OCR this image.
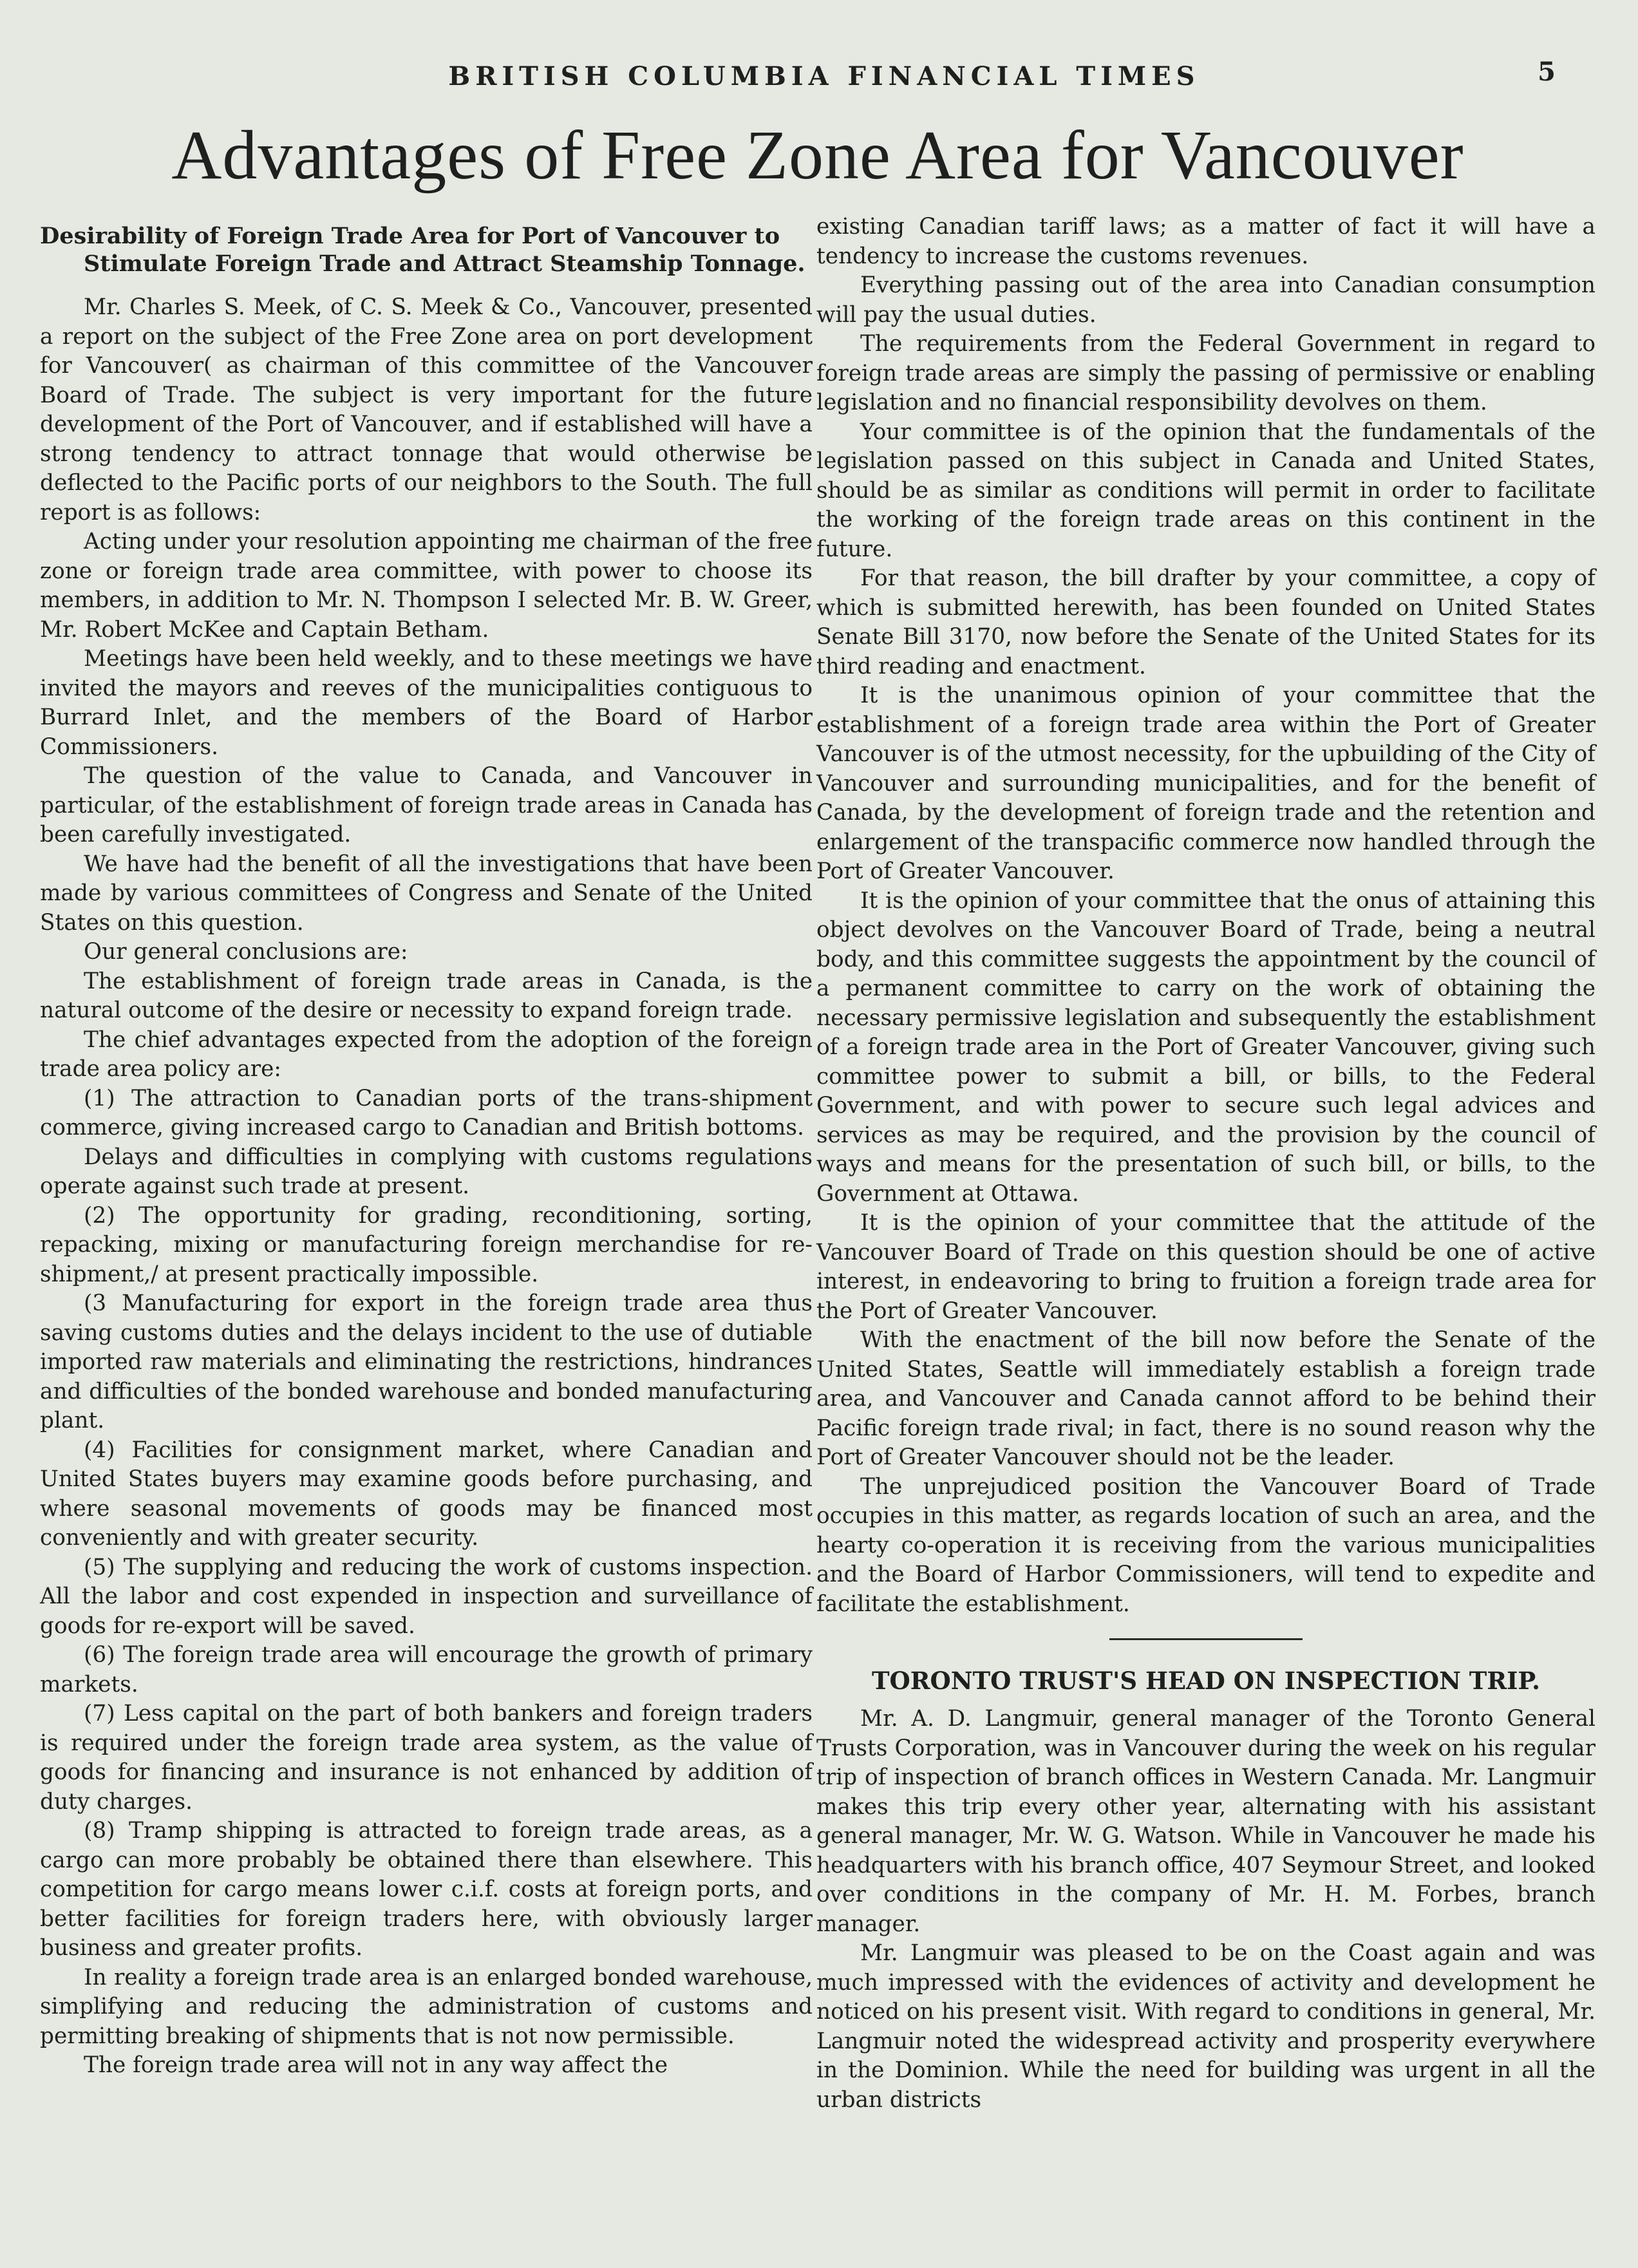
BRITISH COLUMBIA FINANCIAL TIMES	5
Advantages of Free Zone Area for Vancouver
Desirability of Foreign Trade Area for Port of Vancouver to Stimulate Foreign Trade and Attract Steamship Tonnage.

Mr. Charles S. Meek, of C. S. Meek & Co., Vancouver, presented a report on the subject of the Free Zone area on port development for Vancouver( as chairman of this committee of the Vancouver Board of Trade. The subject is very important for the future development of the Port of Vancouver, and if established will have a strong tendency to attract tonnage that would otherwise be deflected to the Pacific ports of our neighbors to the South. The full report is as follows:

Acting under your resolution appointing me chairman of the free zone or foreign trade area committee, with power to choose its members, in addition to Mr. N. Thompson I selected Mr. B. W. Greer, Mr. Robert McKee and Captain Betham.

Meetings have been held weekly, and to these meetings we have invited the mayors and reeves of the municipalities contiguous to Burrard Inlet, and the members of the Board of Harbor Commissioners.

The question of the value to Canada, and Vancouver in particular, of the establishment of foreign trade areas in Canada has been carefully investigated.

We have had the benefit of all the investigations that have been made by various committees of Congress and Senate of the United States on this question.

Our general conclusions are:

The establishment of foreign trade areas in Canada, is the natural outcome of the desire or necessity to expand foreign trade.

The chief advantages expected from the adoption of the foreign trade area policy are:

(1) The attraction to Canadian ports of the trans-shipment commerce, giving increased cargo to Canadian and British bottoms.

Delays and difficulties in complying with customs regulations operate against such trade at present.

(2) The opportunity for grading, reconditioning, sorting, repacking, mixing or manufacturing foreign merchandise for re-shipment,/ at present practically impossible.

(3 Manufacturing for export in the foreign trade area thus saving customs duties and the delays incident to the use of dutiable imported raw materials and eliminating the restrictions, hindrances and difficulties of the bonded warehouse and bonded manufacturing plant.

(4) Facilities for consignment market, where Canadian and United States buyers may examine goods before purchasing, and where seasonal movements of goods may be financed most conveniently and with greater security.

(5) The supplying and reducing the work of customs inspection. All the labor and cost expended in inspection and surveillance of goods for re-export will be saved.

(6) The foreign trade area will encourage the growth of primary markets.

(7) Less capital on the part of both bankers and foreign traders is required under the foreign trade area system, as the value of goods for financing and insurance is not enhanced by addition of duty charges.

(8) Tramp shipping is attracted to foreign trade areas, as a cargo can more probably be obtained there than elsewhere. This competition for cargo means lower c.i.f. costs at foreign ports, and better facilities for foreign traders here, with obviously larger business and greater profits.

In reality a foreign trade area is an enlarged bonded warehouse, simplifying and reducing the administration of customs and permitting breaking of shipments that is not now permissible.

The foreign trade area will not in any way affect the

existing Canadian tariff laws; as a matter of fact it will have a tendency to increase the customs revenues.

Everything passing out of the area into Canadian consumption will pay the usual duties.

The requirements from the Federal Government in regard to foreign trade areas are simply the passing of permissive or enabling legislation and no financial responsibility devolves on them.

Your committee is of the opinion that the fundamentals of the legislation passed on this subject in Canada and United States, should be as similar as conditions will permit in order to facilitate the working of the foreign trade areas on this continent in the future.

For that reason, the bill drafter by your committee, a copy of which is submitted herewith, has been founded on United States Senate Bill 3170, now before the Senate of the United States for its third reading and enactment.

It is the unanimous opinion of your committee that the establishment of a foreign trade area within the Port of Greater Vancouver is of the utmost necessity, for the upbuilding of the City of Vancouver and surrounding municipalities, and for the benefit of Canada, by the development of foreign trade and the retention and enlargement of the transpacific commerce now handled through the Port of Greater Vancouver.

It is the opinion of your committee that the onus of attaining this object devolves on the Vancouver Board of Trade, being a neutral body, and this committee suggests the appointment by the council of a permanent committee to carry on the work of obtaining the necessary permissive legislation and subsequently the establishment of a foreign trade area in the Port of Greater Vancouver, giving such committee power to submit a bill, or bills, to the Federal Government, and with power to secure such legal advices and services as may be required, and the provision by the council of ways and means for the presentation of such bill, or bills, to the Government at Ottawa.

It is the opinion of your committee that the attitude of the Vancouver Board of Trade on this question should be one of active interest, in endeavoring to bring to fruition a foreign trade area for the Port of Greater Vancouver.

With the enactment of the bill now before the Senate of the United States, Seattle will immediately establish a foreign trade area, and Vancouver and Canada cannot afford to be behind their Pacific foreign trade rival; in fact, there is no sound reason why the Port of Greater Vancouver should not be the leader.

The unprejudiced position the Vancouver Board of Trade occupies in this matter, as regards location of such an area, and the hearty co-operation it is receiving from the various municipalities and the Board of Harbor Commissioners, will tend to expedite and facilitate the establishment.

TORONTO TRUST'S HEAD ON INSPECTION TRIP.

Mr. A. D. Langmuir, general manager of the Toronto General Trusts Corporation, was in Vancouver during the week on his regular trip of inspection of branch offices in Western Canada. Mr. Langmuir makes this trip every other year, alternating with his assistant general manager, Mr. W. G. Watson. While in Vancouver he made his headquarters with his branch office, 407 Seymour Street, and looked over conditions in the company of Mr. H. M. Forbes, branch manager.

Mr. Langmuir was pleased to be on the Coast again and was much impressed with the evidences of activity and development he noticed on his present visit. With regard to conditions in general, Mr. Langmuir noted the widespread activity and prosperity everywhere in the Dominion. While the need for building was urgent in all the urban districts
